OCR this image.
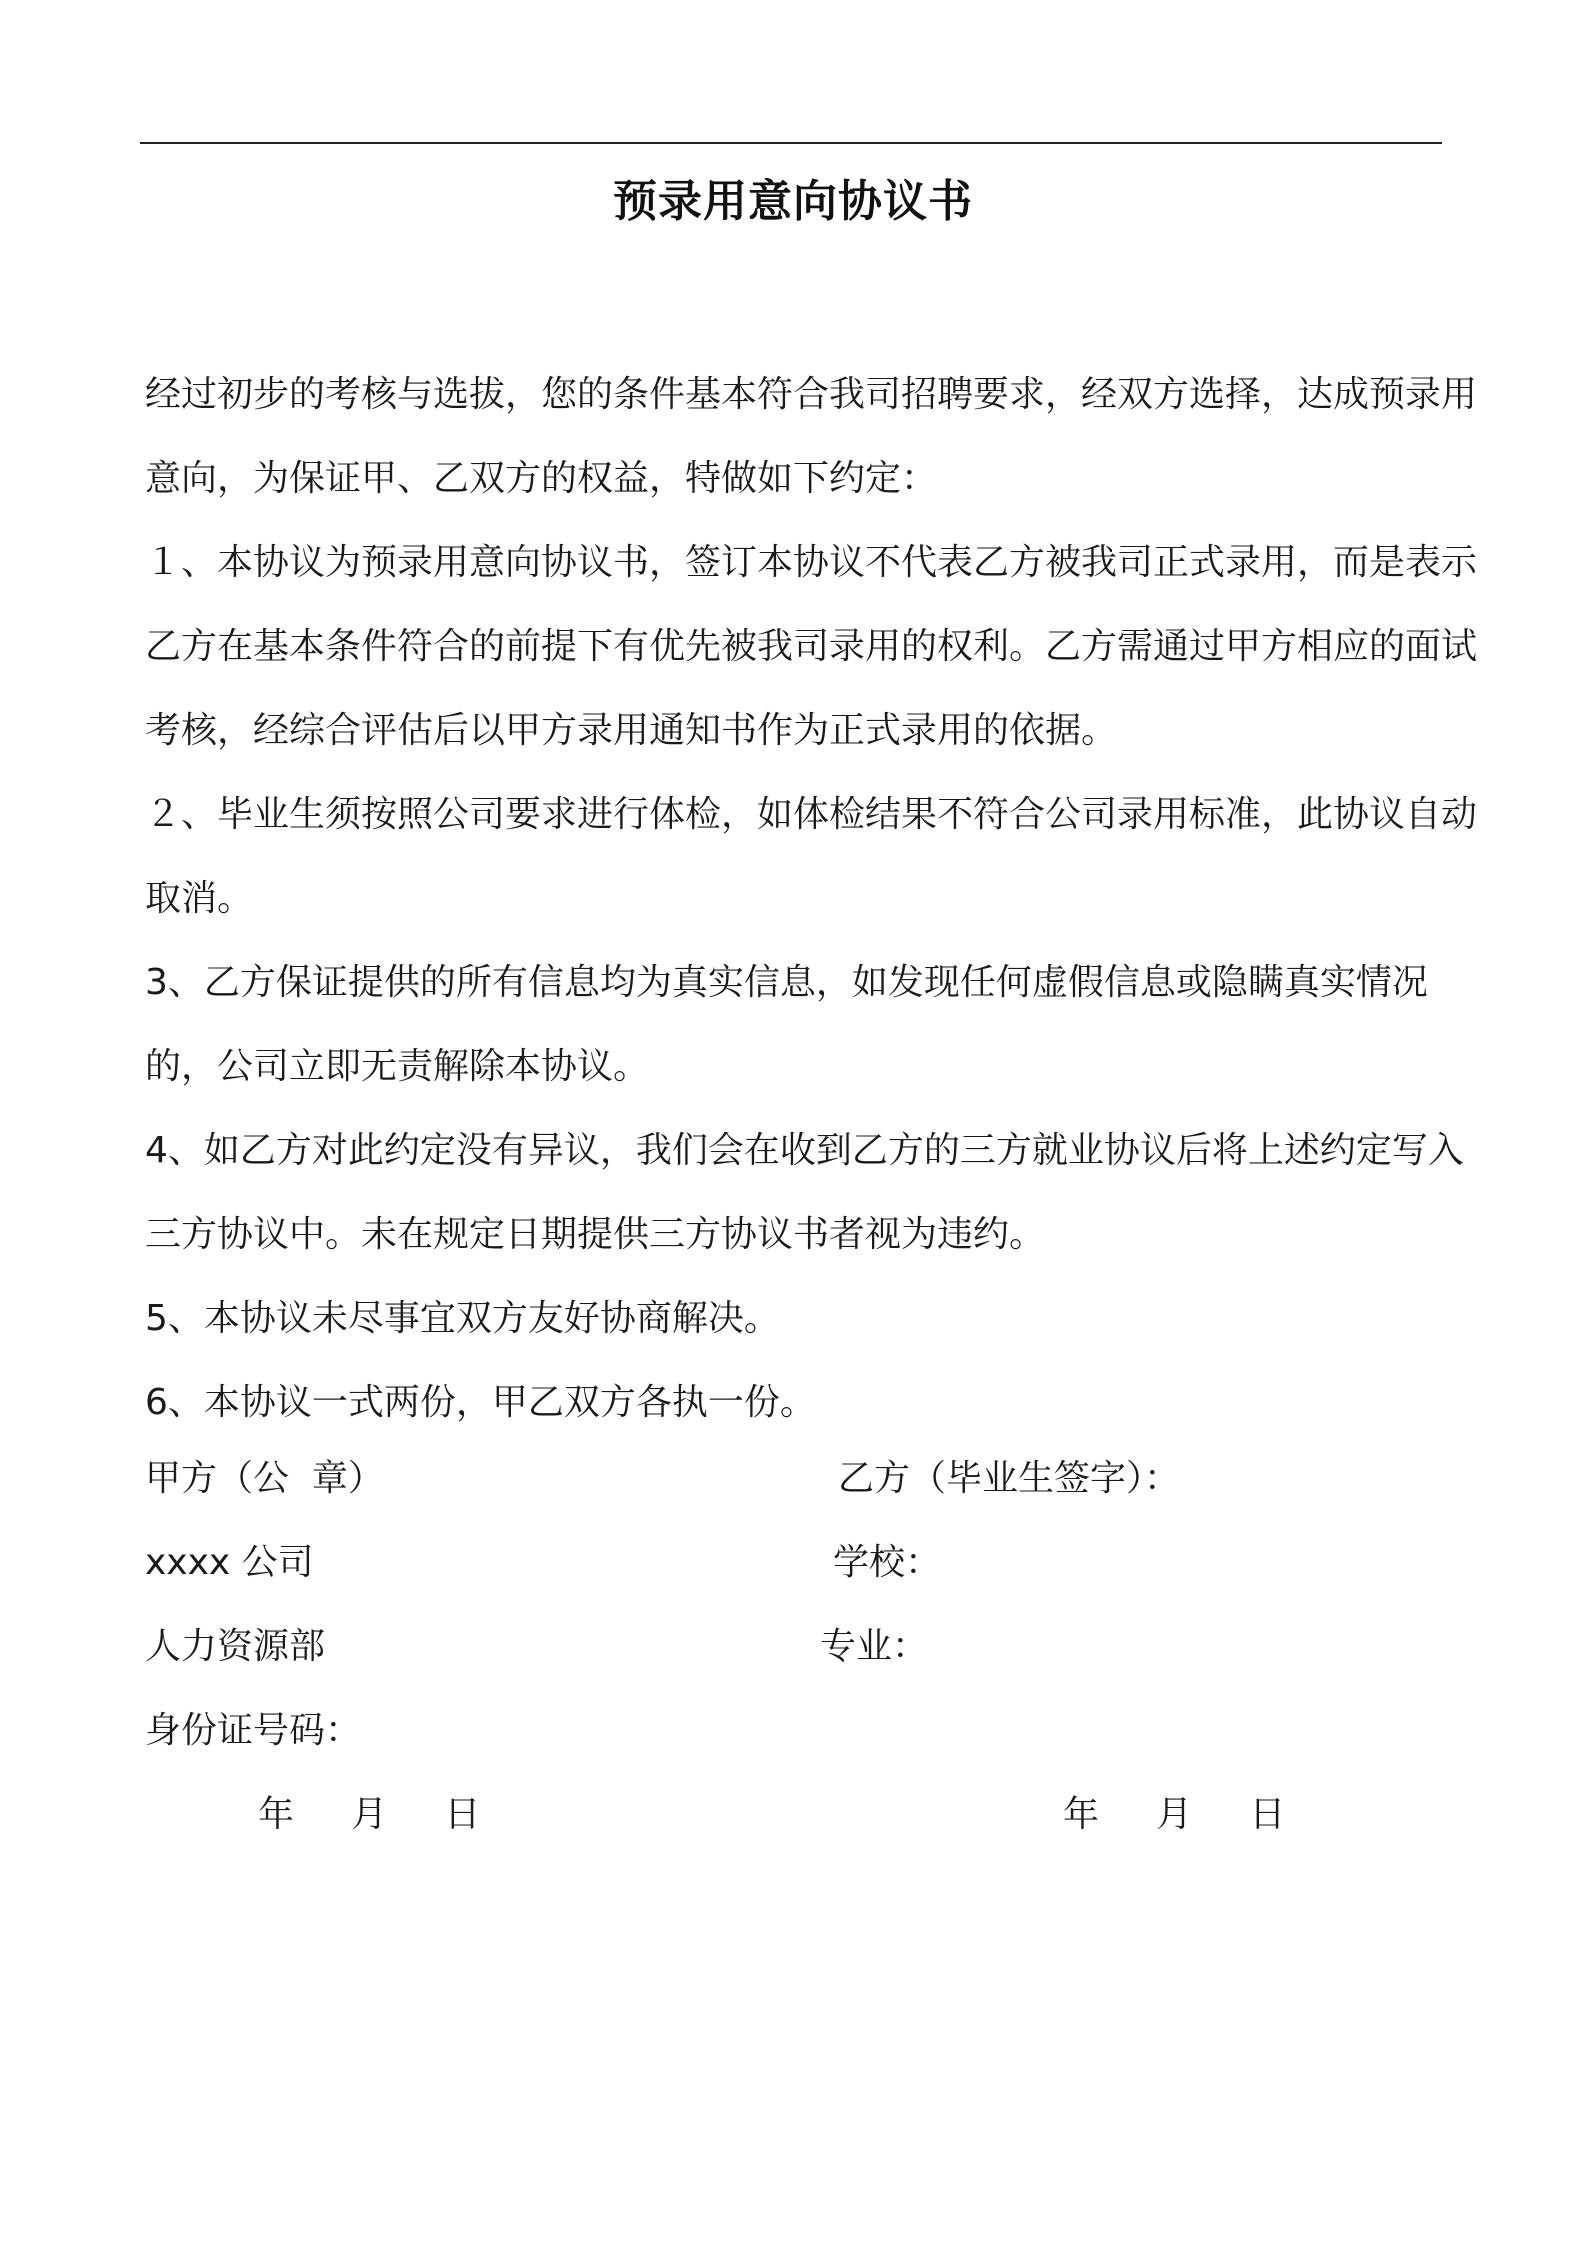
预录用意向协议书

经过初步的考核与选拔，您的条件基本符合我司招聘要求，经双方选择，达成预录用意向，为保证甲、乙双方的权益，特做如下约定：

１、本协议为预录用意向协议书，签订本协议不代表乙方被我司正式录用，而是表示乙方在基本条件符合的前提下有优先被我司录用的权利。乙方需通过甲方相应的面试考核，经综合评估后以甲方录用通知书作为正式录用的依据。

２、毕业生须按照公司要求进行体检，如体检结果不符合公司录用标准，此协议自动取消。

3、乙方保证提供的所有信息均为真实信息，如发现任何虚假信息或隐瞒真实情况的，公司立即无责解除本协议。

4、如乙方对此约定没有异议，我们会在收到乙方的三方就业协议后将上述约定写入三方协议中。未在规定日期提供三方协议书者视为违约。

5、本协议未尽事宜双方友好协商解决。

6、本协议一式两份，甲乙双方各执一份。

甲方（公  章）	乙方（毕业生签字）：
xxxx 公司	学校：
人力资源部	专业：
身份证号码：
年     月     日	年     月     日
